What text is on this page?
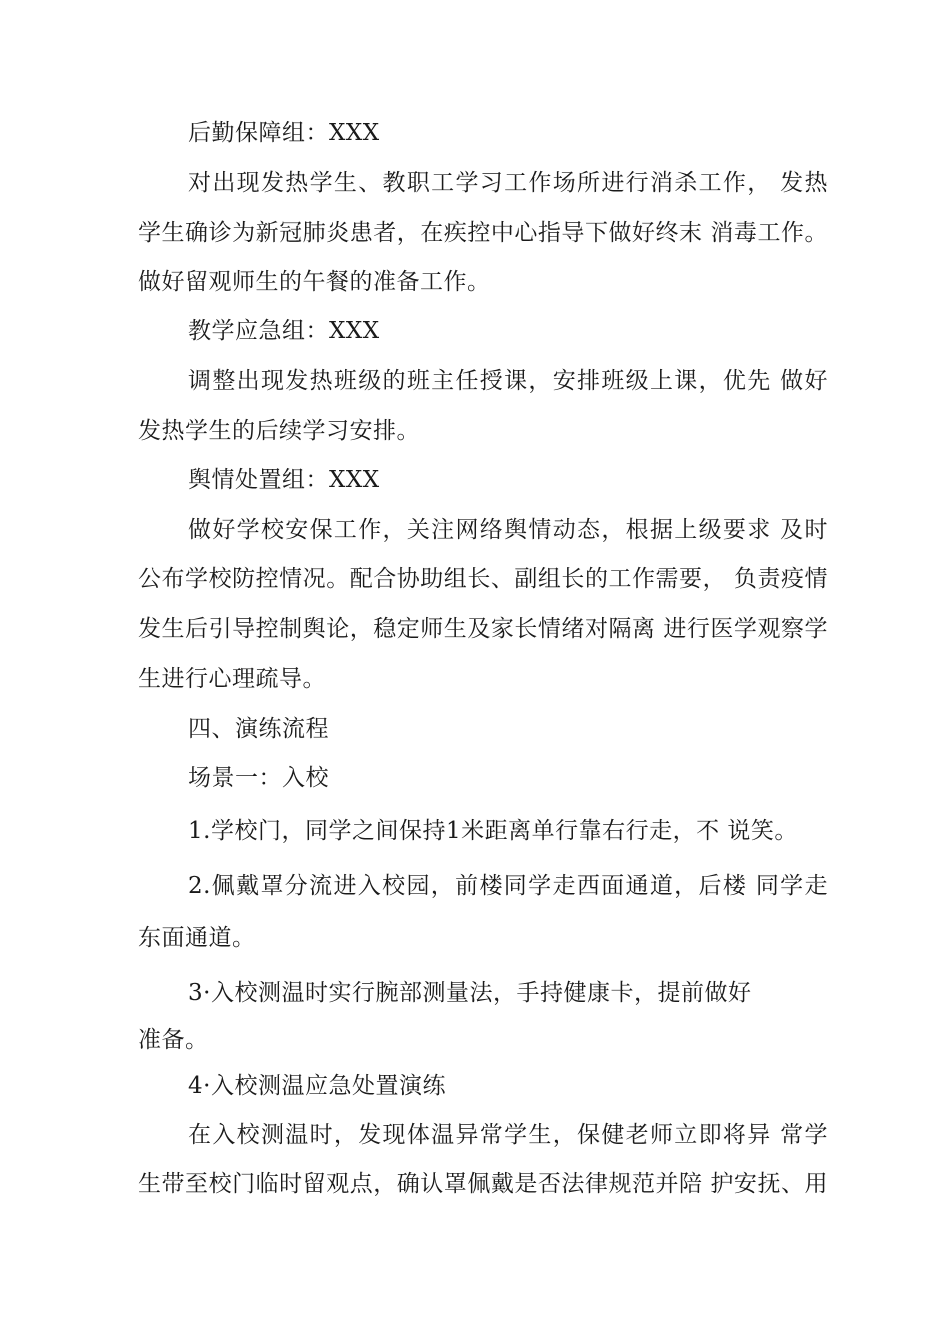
后勤保障组：XXX
对出现发热学生、教职工学习工作场所进行消杀工作， 发热
学生确诊为新冠肺炎患者，在疾控中心指导下做好终末 消毒工作。
做好留观师生的午餐的准备工作。
教学应急组：XXX
调整出现发热班级的班主任授课，安排班级上课，优先 做好
发热学生的后续学习安排。
舆情处置组：XXX
做好学校安保工作，关注网络舆情动态，根据上级要求 及时
公布学校防控情况。配合协助组长、副组长的工作需要， 负责疫情
发生后引导控制舆论，稳定师生及家长情绪对隔离 进行医学观察学
生进行心理疏导。
四、演练流程
场景一：入校
1.学校门，同学之间保持1米距离单行靠右行走，不 说笑。
2.佩戴罩分流进入校园，前楼同学走西面通道，后楼 同学走
东面通道。
3·入校测温时实行腕部测量法，手持健康卡，提前做好
准备。
4·入校测温应急处置演练
在入校测温时，发现体温异常学生，保健老师立即将异 常学
生带至校门临时留观点，确认罩佩戴是否法律规范并陪 护安抚、用
